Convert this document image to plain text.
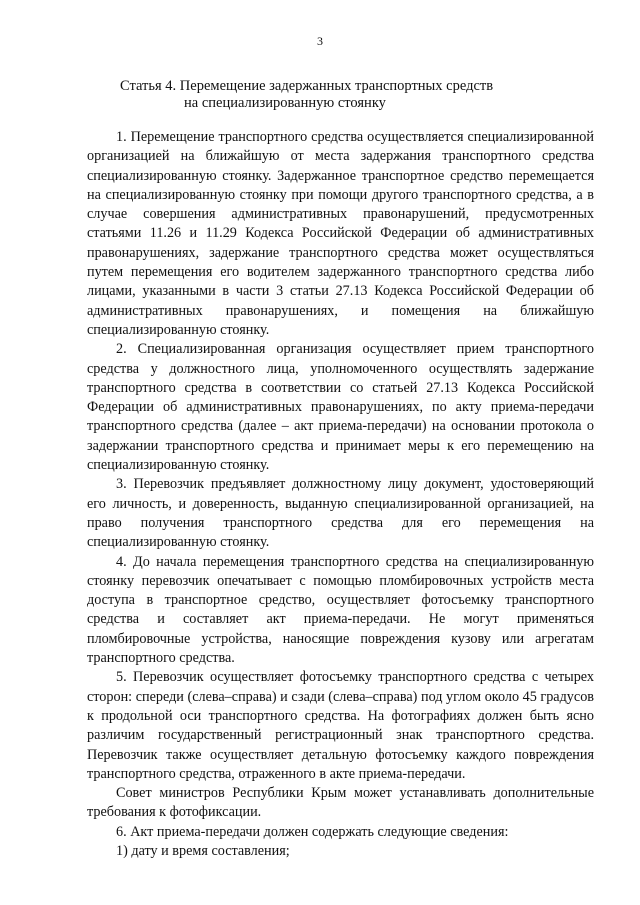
3
Статья 4. Перемещение задержанных транспортных средств
на специализированную стоянку

1. Перемещение транспортного средства осуществляется специализированной организацией на ближайшую от места задержания транспортного средства специализированную стоянку. Задержанное транспортное средство перемещается на специализированную стоянку при помощи другого транспортного средства, а в случае совершения административных правонарушений, предусмотренных статьями 11.26 и 11.29 Кодекса Российской Федерации об административных правонарушениях, задержание транспортного средства может осуществляться путем перемещения его водителем задержанного транспортного средства либо лицами, указанными в части 3 статьи 27.13 Кодекса Российской Федерации об административных правонарушениях, и помещения на ближайшую специализированную стоянку.

2. Специализированная организация осуществляет прием транспортного средства у должностного лица, уполномоченного осуществлять задержание транспортного средства в соответствии со статьей 27.13 Кодекса Российской Федерации об административных правонарушениях, по акту приема-передачи транспортного средства (далее – акт приема-передачи) на основании протокола о задержании транспортного средства и принимает меры к его перемещению на специализированную стоянку.

3. Перевозчик предъявляет должностному лицу документ, удостоверяющий его личность, и доверенность, выданную специализированной организацией, на право получения транспортного средства для его перемещения на специализированную стоянку.

4. До начала перемещения транспортного средства на специализированную стоянку перевозчик опечатывает с помощью пломбировочных устройств места доступа в транспортное средство, осуществляет фотосъемку транспортного средства и составляет акт приема-передачи. Не могут применяться пломбировочные устройства, наносящие повреждения кузову или агрегатам транспортного средства.

5. Перевозчик осуществляет фотосъемку транспортного средства с четырех сторон: спереди (слева–справа) и сзади (слева–справа) под углом около 45 градусов к продольной оси транспортного средства. На фотографиях должен быть ясно различим государственный регистрационный знак транспортного средства. Перевозчик также осуществляет детальную фотосъемку каждого повреждения транспортного средства, отраженного в акте приема-передачи.

Совет министров Республики Крым может устанавливать дополнительные требования к фотофиксации.

6. Акт приема-передачи должен содержать следующие сведения:

1) дату и время составления;
